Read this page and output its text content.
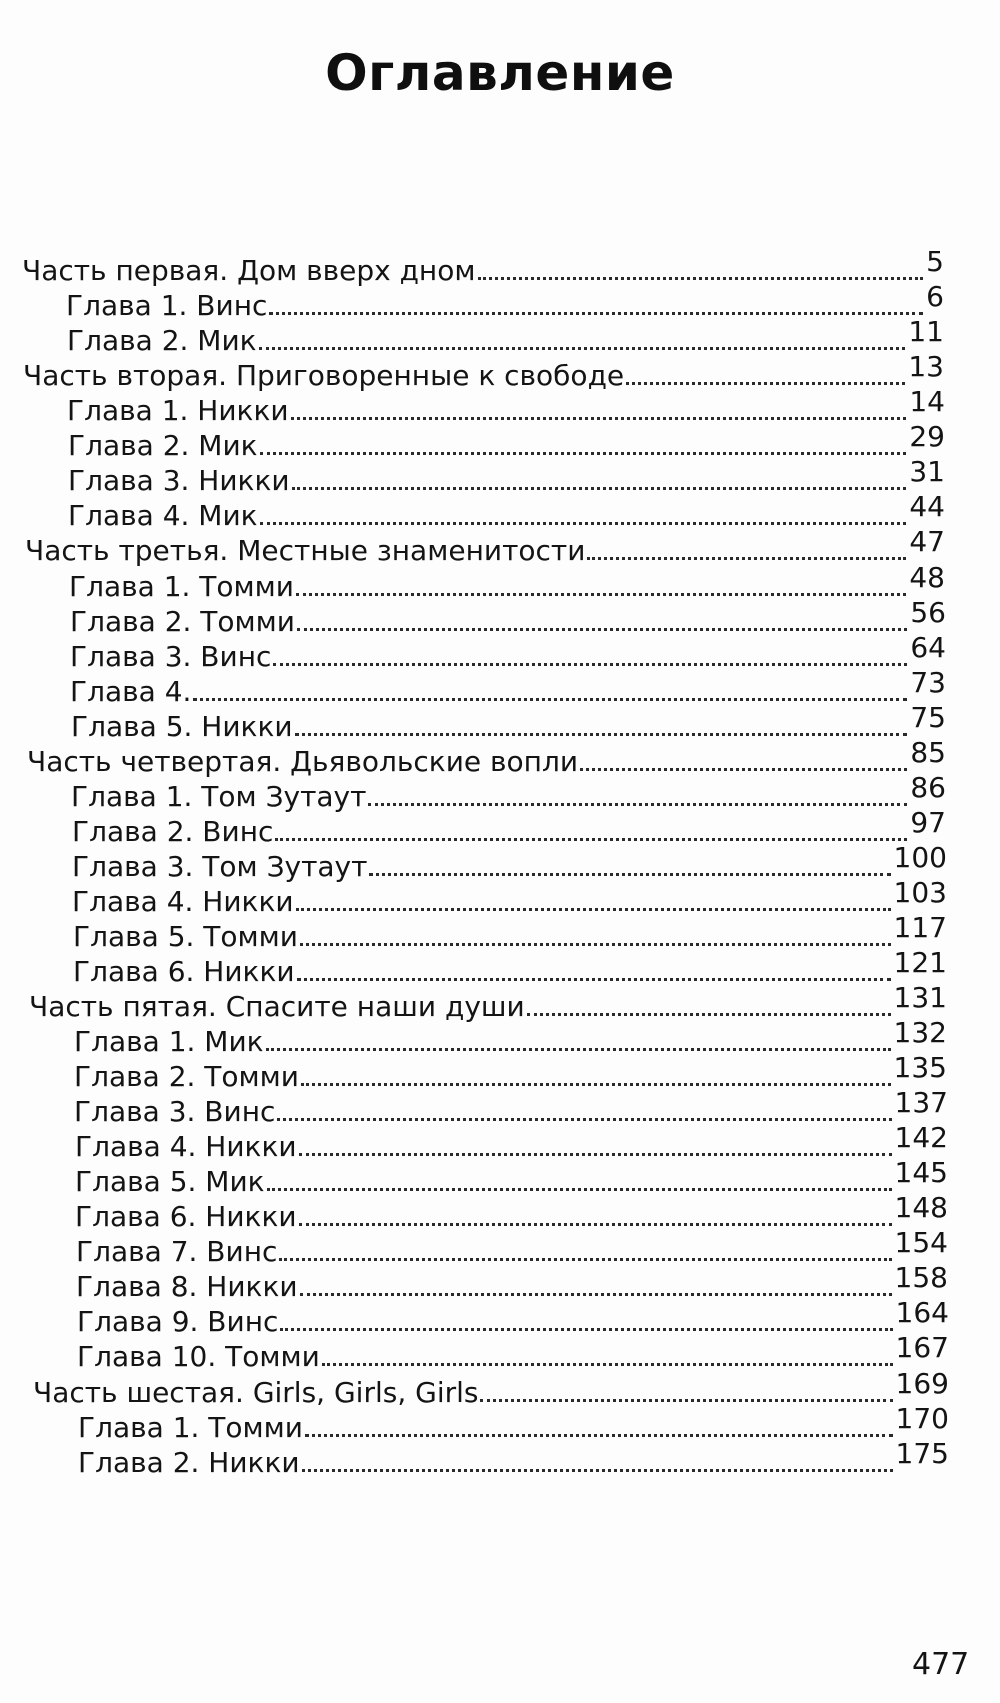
Оглавление
Часть первая. Дом вверх дном	5
Глава 1. Винс	6
Глава 2. Мик	11
Часть вторая. Приговоренные к свободе	13
Глава 1. Никки	14
Глава 2. Мик	29
Глава 3. Никки	31
Глава 4. Мик	44
Часть третья. Местные знаменитости	47
Глава 1. Томми	48
Глава 2. Томми	56
Глава 3. Винс	64
Глава 4.	73
Глава 5. Никки	75
Часть четвертая. Дьявольские вопли	85
Глава 1. Том Зутаут	86
Глава 2. Винс	97
Глава 3. Том Зутаут	100
Глава 4. Никки	103
Глава 5. Томми	117
Глава 6. Никки	121
Часть пятая. Спасите наши души	131
Глава 1. Мик	132
Глава 2. Томми	135
Глава 3. Винс	137
Глава 4. Никки	142
Глава 5. Мик	145
Глава 6. Никки	148
Глава 7. Винс	154
Глава 8. Никки	158
Глава 9. Винс	164
Глава 10. Томми	167
Часть шестая. Girls, Girls, Girls	169
Глава 1. Томми	170
Глава 2. Никки	175
477
